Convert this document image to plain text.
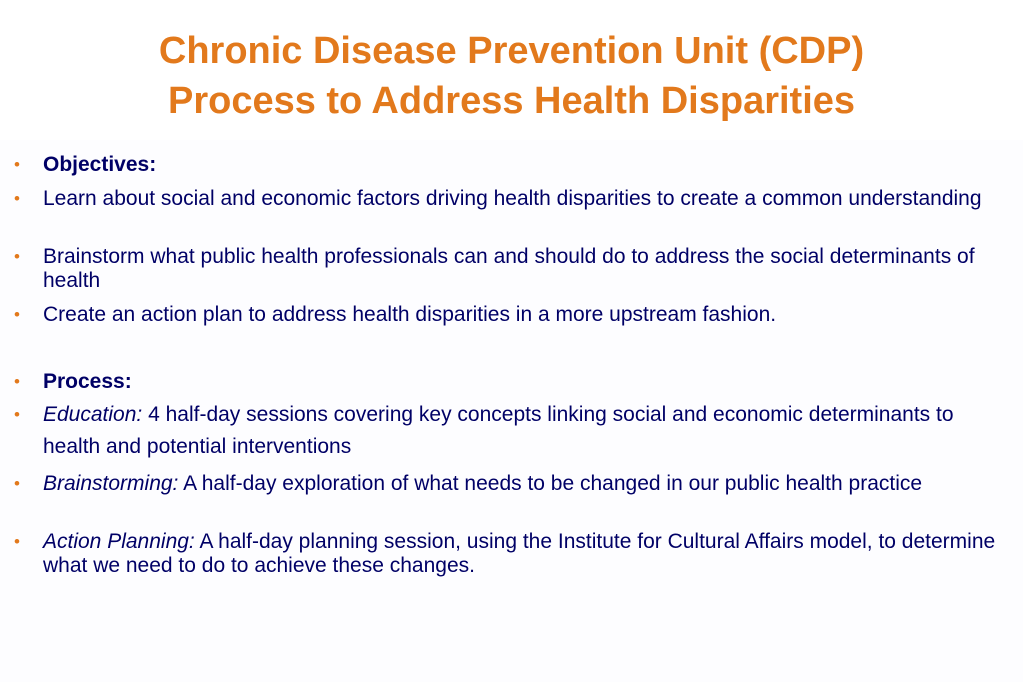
Chronic Disease Prevention Unit (CDP)
Process to Address Health Disparities
• Objectives:
• Learn about social and economic factors driving health disparities to create a common understanding
• Brainstorm what public health professionals can and should do to address the social determinants of health
• Create an action plan to address health disparities in a more upstream fashion.
• Process:
• Education: 4 half-day sessions covering key concepts linking social and economic determinants to health and potential interventions
• Brainstorming: A half-day exploration of what needs to be changed in our public health practice
• Action Planning: A half-day planning session, using the Institute for Cultural Affairs model, to determine what we need to do to achieve these changes.
